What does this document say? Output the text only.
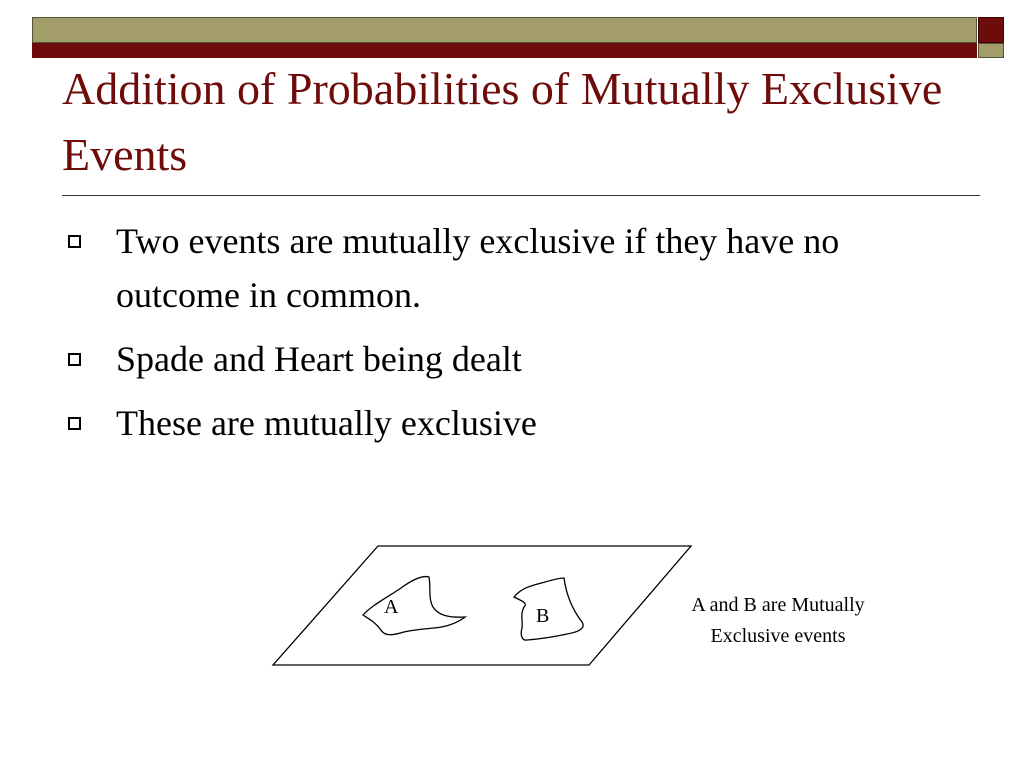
Addition of Probabilities of Mutually Exclusive Events
Two events are mutually exclusive if they have no outcome in common.
Spade and Heart being dealt
These are mutually exclusive
A	B	A and B are Mutually
Exclusive events
